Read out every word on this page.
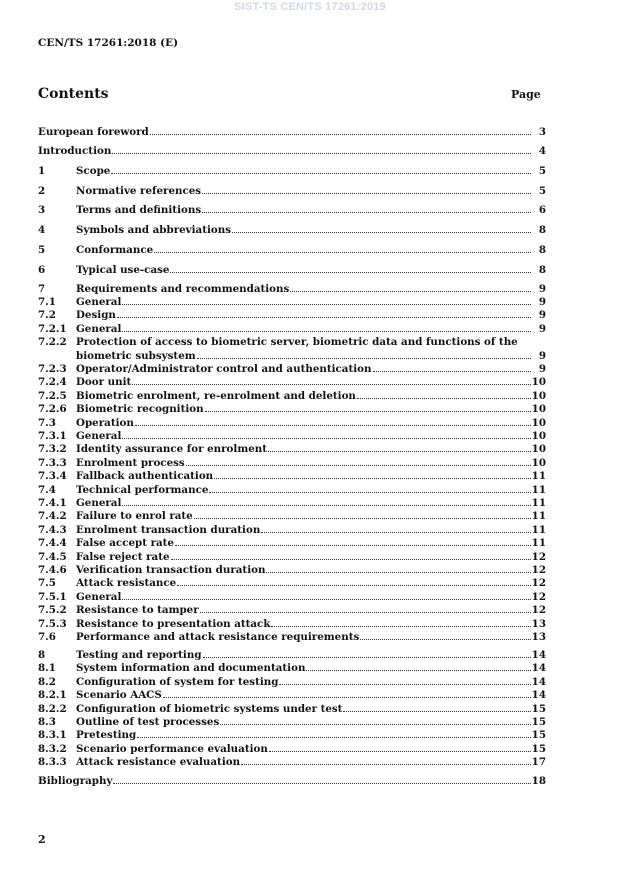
SIST-TS CEN/TS 17261:2019
CEN/TS 17261:2018 (E)
Contents	Page
European foreword	3
Introduction	4
1	Scope	5
2	Normative references	5
3	Terms and definitions	6
4	Symbols and abbreviations	8
5	Conformance	8
6	Typical use-case	8
7	Requirements and recommendations	9
7.1 General	9
7.2 Design	9
7.2.1 General	9
7.2.2 Protection of access to biometric server, biometric data and functions of the
biometric subsystem	9
7.2.3 Operator/Administrator control and authentication	9
7.2.4 Door unit	10
7.2.5 Biometric enrolment, re-enrolment and deletion	10
7.2.6 Biometric recognition	10
7.3 Operation	10
7.3.1 General	10
7.3.2 Identity assurance for enrolment	10
7.3.3 Enrolment process	10
7.3.4 Fallback authentication	11
7.4 Technical performance	11
7.4.1 General	11
7.4.2 Failure to enrol rate	11
7.4.3 Enrolment transaction duration	11
7.4.4 False accept rate	11
7.4.5 False reject rate	12
7.4.6 Verification transaction duration	12
7.5 Attack resistance	12
7.5.1 General	12
7.5.2 Resistance to tamper	12
7.5.3 Resistance to presentation attack	13
7.6 Performance and attack resistance requirements	13
8	Testing and reporting	14
8.1 System information and documentation	14
8.2 Configuration of system for testing	14
8.2.1 Scenario AACS	14
8.2.2 Configuration of biometric systems under test	15
8.3 Outline of test processes	15
8.3.1 Pretesting	15
8.3.2 Scenario performance evaluation	15
8.3.3 Attack resistance evaluation	17
Bibliography	18
2
